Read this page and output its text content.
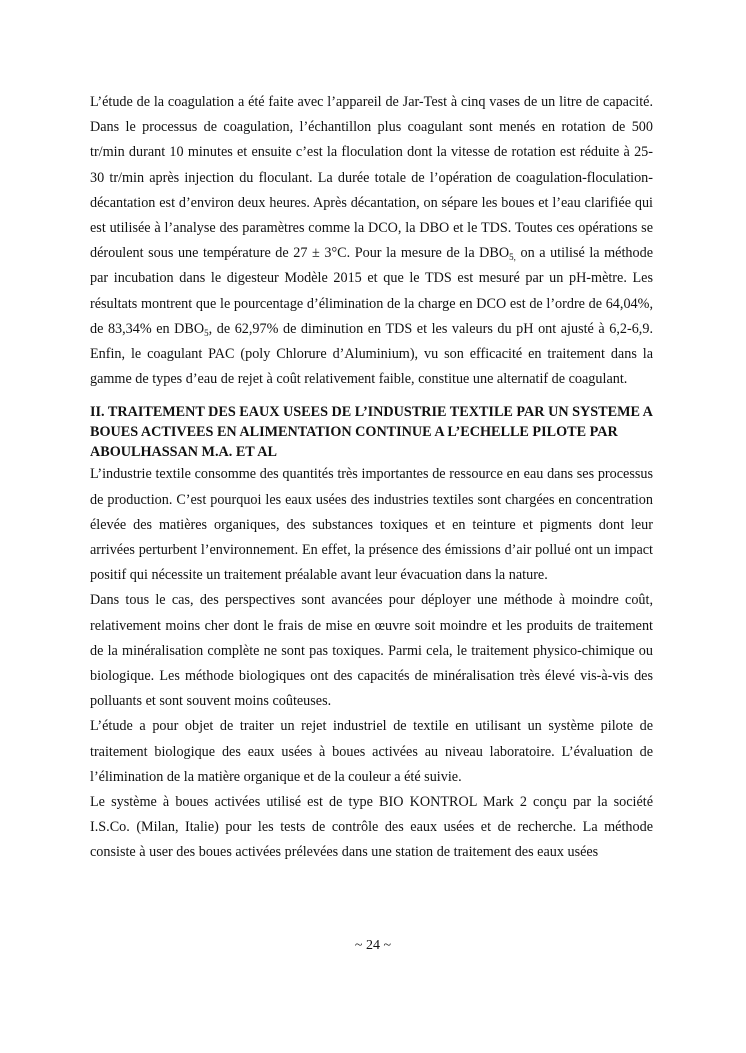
L’étude de la coagulation a été faite avec l’appareil de Jar-Test à cinq vases de un litre de capacité. Dans le processus de coagulation, l’échantillon plus coagulant sont menés en rotation de 500 tr/min durant 10 minutes et ensuite c’est la floculation dont la vitesse de rotation est réduite à 25-30 tr/min après injection du floculant. La durée totale de l’opération de coagulation-floculation-décantation est d’environ deux heures. Après décantation, on sépare les boues et l’eau clarifiée qui est utilisée à l’analyse des paramètres comme la DCO, la DBO et le TDS. Toutes ces opérations se déroulent sous une température de 27 ± 3°C. Pour la mesure de la $DBO_{5,}$ on a utilisé la méthode par incubation dans le digesteur Modèle 2015 et que le TDS est mesuré par un pH-mètre. Les résultats montrent que le pourcentage d’élimination de la charge en DCO est de l’ordre de 64,04%, de 83,34% en $DBO_5$, de 62,97% de diminution en TDS et les valeurs du pH ont ajusté à 6,2-6,9. Enfin, le coagulant PAC (poly Chlorure d’Aluminium), vu son efficacité en traitement dans la gamme de types d’eau de rejet à coût relativement faible, constitue une alternatif de coagulant.

II. TRAITEMENT DES EAUX USEES DE L’INDUSTRIE TEXTILE PAR UN SYSTEME A BOUES ACTIVEES EN ALIMENTATION CONTINUE A L’ECHELLE PILOTE PAR ABOULHASSAN M.A. ET AL

L’industrie textile consomme des quantités très importantes de ressource en eau dans ses processus de production. C’est pourquoi les eaux usées des industries textiles sont chargées en concentration élevée des matières organiques, des substances toxiques et en teinture et pigments dont leur arrivées perturbent l’environnement. En effet, la présence des émissions d’air pollué ont un impact positif qui nécessite un traitement préalable avant leur évacuation dans la nature.

Dans tous le cas, des perspectives sont avancées pour déployer une méthode à moindre coût, relativement moins cher dont le frais de mise en œuvre soit moindre et les produits de traitement de la minéralisation complète ne sont pas toxiques. Parmi cela, le traitement physico-chimique ou biologique. Les méthode biologiques ont des capacités de minéralisation très élevé vis-à-vis des polluants et sont souvent moins coûteuses.

L’étude a pour objet de traiter un rejet industriel de textile en utilisant un système pilote de traitement biologique des eaux usées à boues activées au niveau laboratoire. L’évaluation de l’élimination de la matière organique et de la couleur a été suivie.

Le système à boues activées utilisé est de type BIO KONTROL Mark 2 conçu par la société I.S.Co. (Milan, Italie) pour les tests de contrôle des eaux usées et de recherche. La méthode consiste à user des boues activées prélevées dans une station de traitement des eaux usées

~ 24 ~
